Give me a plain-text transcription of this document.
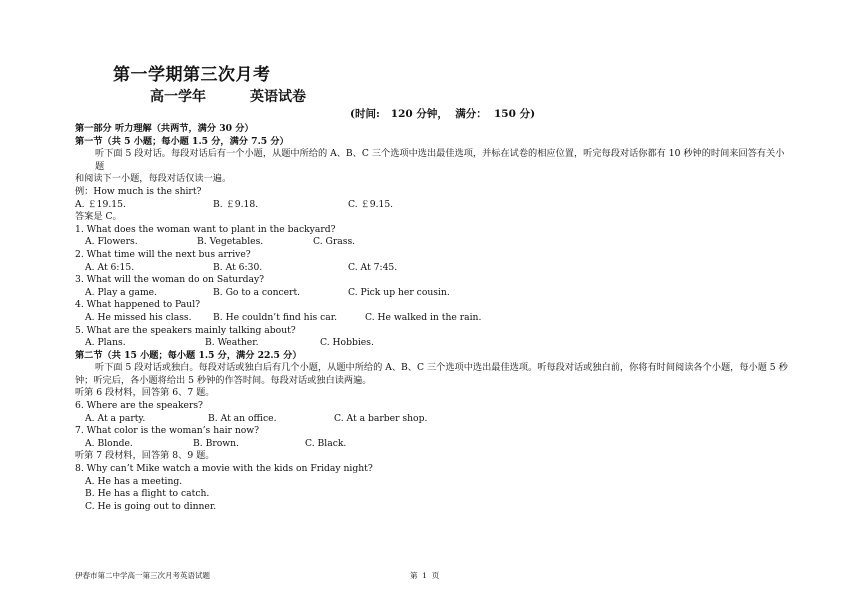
第一学期第三次月考
高一学年	英语试卷
(时间:   120 分钟，  满分：  150 分)
第一部分 听力理解（共两节，满分 30 分）
第一节（共 5 小题；每小题 1.5 分，满分 7.5 分）
听下面 5 段对话。每段对话后有一个小题，从题中所给的 A、B、C 三个选项中选出最佳选项，并标在试卷的相应位置，听完每段对话你都有 10 秒钟的时间来回答有关小题
和阅读下一小题，每段对话仅读一遍。
例：How much is the shirt?
A. ￡19.15.	B. ￡9.18.	C. ￡9.15.
答案是 C。
1. What does the woman want to plant in the backyard?
A. Flowers.	B. Vegetables.	C. Grass.
2. What time will the next bus arrive?
A. At 6:15.	B. At 6:30.	C. At 7:45.
3. What will the woman do on Saturday?
A. Play a game.	B. Go to a concert.	C. Pick up her cousin.
4. What happened to Paul?
A. He missed his class. B. He couldn’t find his car.	C. He walked in the rain.
5. What are the speakers mainly talking about?
A. Plans.	B. Weather.	C. Hobbies.
第二节（共 15 小题；每小题 1.5 分，满分 22.5 分）
听下面 5 段对话或独白。每段对话或独白后有几个小题，从题中所给的 A、B、C 三个选项中选出最佳选项。听每段对话或独白前，你将有时间阅读各个小题，每小题 5 秒钟；听完后，各小题将给出 5 秒钟的作答时间。每段对话或独白读两遍。
听第 6 段材料，回答第 6、7 题。
6. Where are the speakers?
A. At a party.	B. At an office.	C. At a barber shop.
7. What color is the woman’s hair now?
A. Blonde.	B. Brown.	C. Black.
听第 7 段材料，回答第 8、9 题。
8. Why can’t Mike watch a movie with the kids on Friday night?
A. He has a meeting.
B. He has a flight to catch.
C. He is going out to dinner.
伊春市第二中学高一第三次月考英语试题	第  1  页
